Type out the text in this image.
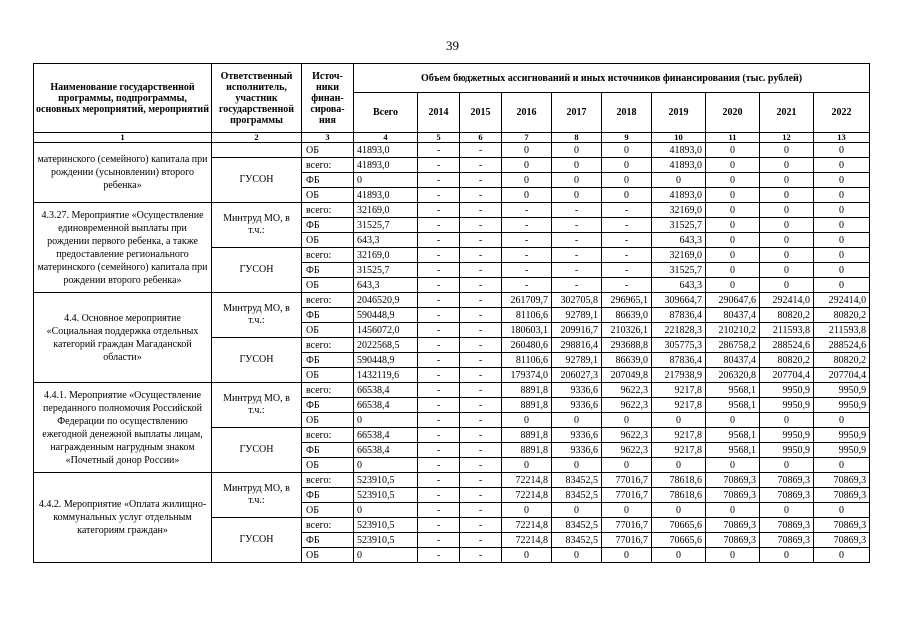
39
Наименование государственной программы, подпрограммы, основных мероприятий, мероприятий	Ответственный исполнитель, участник государственной программы	Источ-ники финан-сирова-ния	Объем бюджетных ассигнований и иных источников финансирования (тыс. рублей)									
			Всего	2014	2015	2016	2017	2018	2019	2020	2021	2022
1	2	3	4	5	6	7	8	9	10	11	12	13
материнского (семейного) капитала при рождении (усыновлении) второго ребенка»		ОБ	41893,0	-	-	0	0	0	41893,0	0	0	0
	ГУСОН	всего:	41893,0	-	-	0	0	0	41893,0	0	0	0
		ФБ	0	-	-	0	0	0	0	0	0	0
		ОБ	41893,0	-	-	0	0	0	41893,0	0	0	0
4.3.27. Мероприятие «Осуществление единовременной выплаты при рождении первого ребенка, а также предоставление регионального материнского (семейного) капитала при рождении второго ребенка»	Минтруд МО, в т.ч.:	всего:	32169,0	-	-	-	-	-	32169,0	0	0	0
		ФБ	31525,7	-	-	-	-	-	31525,7	0	0	0
		ОБ	643,3	-	-	-	-	-	643,3	0	0	0
	ГУСОН	всего:	32169,0	-	-	-	-	-	32169,0	0	0	0
		ФБ	31525,7	-	-	-	-	-	31525,7	0	0	0
		ОБ	643,3	-	-	-	-	-	643,3	0	0	0
4.4. Основное мероприятие «Социальная поддержка отдельных категорий граждан Магаданской области»	Минтруд МО, в т.ч.:	всего:	2046520,9	-	-	261709,7	302705,8	296965,1	309664,7	290647,6	292414,0	292414,0
		ФБ	590448,9	-	-	81106,6	92789,1	86639,0	87836,4	80437,4	80820,2	80820,2
		ОБ	1456072,0	-	-	180603,1	209916,7	210326,1	221828,3	210210,2	211593,8	211593,8
	ГУСОН	всего:	2022568,5	-	-	260480,6	298816,4	293688,8	305775,3	286758,2	288524,6	288524,6
		ФБ	590448,9	-	-	81106,6	92789,1	86639,0	87836,4	80437,4	80820,2	80820,2
		ОБ	1432119,6	-	-	179374,0	206027,3	207049,8	217938,9	206320,8	207704,4	207704,4
4.4.1. Мероприятие «Осуществление переданного полномочия Российской Федерации по осуществлению ежегодной денежной выплаты лицам, награжденным нагрудным знаком «Почетный донор России»	Минтруд МО, в т.ч.:	всего:	66538,4	-	-	8891,8	9336,6	9622,3	9217,8	9568,1	9950,9	9950,9
		ФБ	66538,4	-	-	8891,8	9336,6	9622,3	9217,8	9568,1	9950,9	9950,9
		ОБ	0	-	-	0	0	0	0	0	0	0
	ГУСОН	всего:	66538,4	-	-	8891,8	9336,6	9622,3	9217,8	9568,1	9950,9	9950,9
		ФБ	66538,4	-	-	8891,8	9336,6	9622,3	9217,8	9568,1	9950,9	9950,9
		ОБ	0	-	-	0	0	0	0	0	0	0
4.4.2. Мероприятие «Оплата жилищно-коммунальных услуг отдельным категориям граждан»	Минтруд МО, в т.ч.:	всего:	523910,5	-	-	72214,8	83452,5	77016,7	78618,6	70869,3	70869,3	70869,3
		ФБ	523910,5	-	-	72214,8	83452,5	77016,7	78618,6	70869,3	70869,3	70869,3
		ОБ	0	-	-	0	0	0	0	0	0	0
	ГУСОН	всего:	523910,5	-	-	72214,8	83452,5	77016,7	70665,6	70869,3	70869,3	70869,3
		ФБ	523910,5	-	-	72214,8	83452,5	77016,7	70665,6	70869,3	70869,3	70869,3
		ОБ	0	-	-	0	0	0	0	0	0	0
